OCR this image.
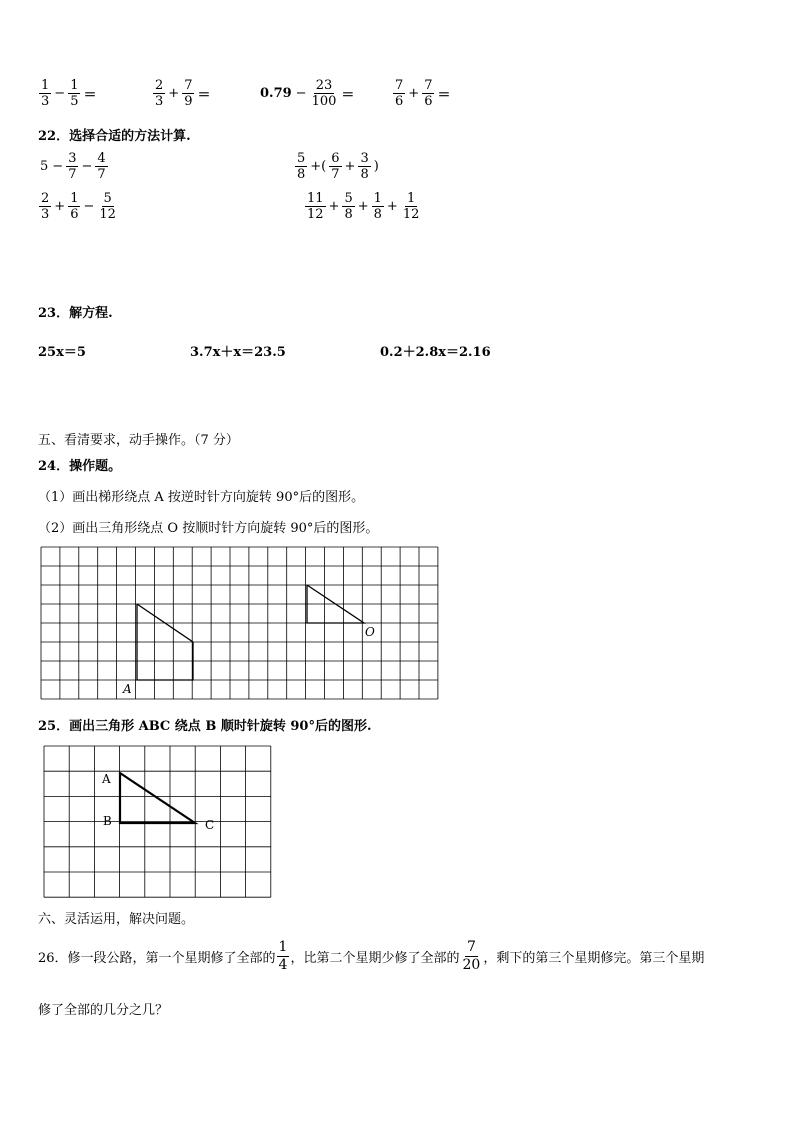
$\frac{1}{3} - \frac{1}{5}$ ＝	$\frac{2}{3} + \frac{7}{9}$ ＝	$0.79 - \frac{23}{100}$ ＝	$\frac{7}{6} + \frac{7}{6}$ ＝
22．选择合适的方法计算.
$5 - \frac{3}{7} - \frac{4}{7}$	$\frac{5}{8}$ +( $\frac{6}{7} + \frac{3}{8}$ )
$\frac{2}{3} + \frac{1}{6} - \frac{5}{12}$	$\frac{11}{12} + \frac{5}{8} + \frac{1}{8} + \frac{1}{12}$
23．解方程.
25x＝5	3.7x＋x＝23.5	0.2＋2.8x＝2.16
五、看清要求，动手操作。（7 分）
24．操作题。
（1）画出梯形绕点 A 按逆时针方向旋转 90°后的图形。
（2）画出三角形绕点 O 按顺时针方向旋转 90°后的图形。
A
O
25．画出三角形 ABC 绕点 B 顺时针旋转 90°后的图形.
A
B	C
六、灵活运用，解决问题。
26．修一段公路，第一个星期修了全部的 $\frac{1}{4}$ ，比第二个星期少修了全部的 $\frac{7}{20}$ ，剩下的第三个星期修完。第三个星期
修了全部的几分之几？
